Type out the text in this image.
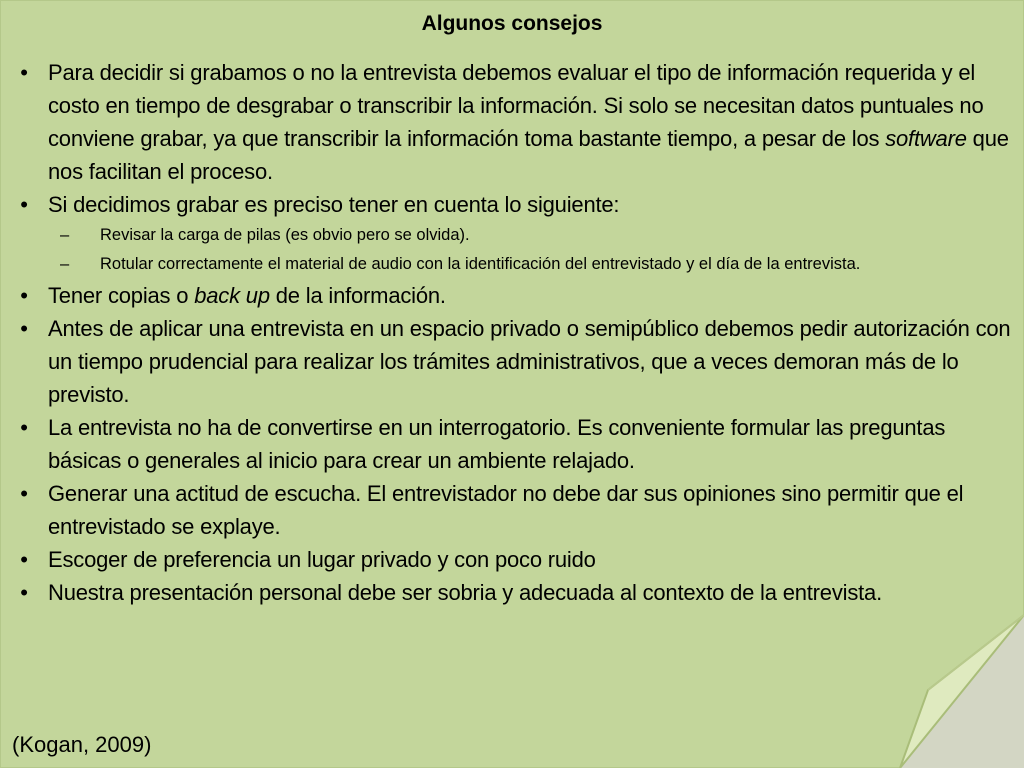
Algunos consejos
• Para decidir si grabamos o no la entrevista debemos evaluar el tipo de información requerida y el costo en tiempo de desgrabar o transcribir la información. Si solo se necesitan datos puntuales no conviene grabar, ya que transcribir la información toma bastante tiempo, a pesar de los software que nos facilitan el proceso.
• Si decidimos grabar es preciso tener en cuenta lo siguiente:
– Revisar la carga de pilas (es obvio pero se olvida).
– Rotular correctamente el material de audio con la identificación del entrevistado y el día de la entrevista.
• Tener copias o back up de la información.
• Antes de aplicar una entrevista en un espacio privado o semipúblico debemos pedir autorización con un tiempo prudencial para realizar los trámites administrativos, que a veces demoran más de lo previsto.
• La entrevista no ha de convertirse en un interrogatorio. Es conveniente formular las preguntas básicas o generales al inicio para crear un ambiente relajado.
• Generar una actitud de escucha. El entrevistador no debe dar sus opiniones sino permitir que el entrevistado se explaye.
• Escoger de preferencia un lugar privado y con poco ruido
• Nuestra presentación personal debe ser sobria y adecuada al contexto de la entrevista.
(Kogan, 2009)
